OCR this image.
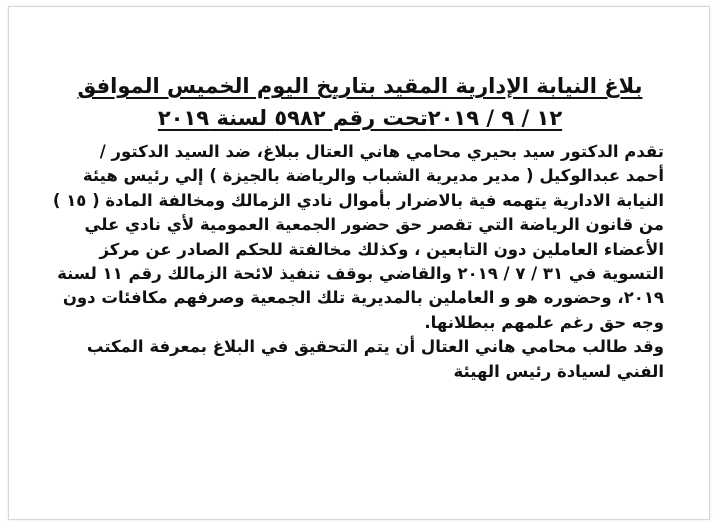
بلاغ النيابة الإدارية المقيد بتاريخ اليوم الخميس الموافق
١٢ / ٩ / ٢٠١٩تحت رقم ٥٩٨٢ لسنة ٢٠١٩
تقدم الدكتور سيد بحيري محامي هاني العتال ببلاغ، ضد السيد الدكتور /
أحمد عبدالوكيل ( مدير مديرية الشباب والرياضة بالجيزة ) إلي رئيس هيئة
النيابة الادارية يتهمه فية بالاضرار بأموال نادي الزمالك ومخالفة المادة ( ١٥ )
من قانون الرياضة التي تقصر حق حضور الجمعية العمومية لأي نادي علي
الأعضاء العاملين دون التابعين ، وكذلك مخالفتة للحكم الصادر عن مركز
التسوية في ٣١ / ٧ / ٢٠١٩ والقاضي بوقف تنفيذ لائحة الزمالك رقم ١١ لسنة
٢٠١٩، وحضوره هو و العاملين بالمديرية تلك الجمعية وصرفهم مكافئات دون
وجه حق رغم علمهم ببطلانها.
وقد طالب محامي هاني العتال أن يتم التحقيق في البلاغ بمعرفة المكتب
الفني لسيادة رئيس الهيئة
